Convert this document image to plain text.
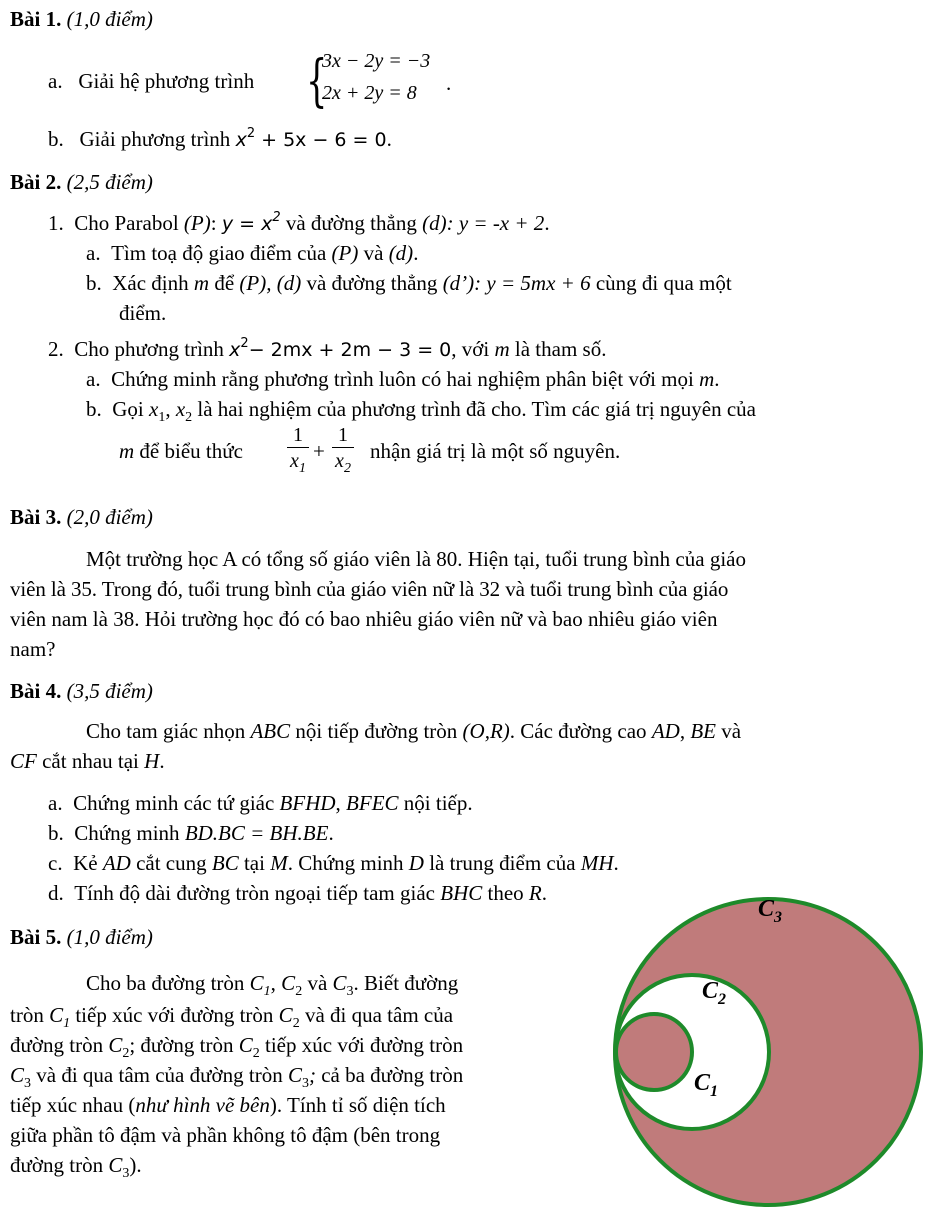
Bài 1. (1,0 điểm)
a. Giải hệ phương trình {
3x − 2y = −3
2x + 2y = 8 .
b. Giải phương trình $x^2 + 5x - 6 = 0$.
Bài 2. (2,5 điểm)
1. Cho Parabol (P): $y = x^2$ và đường thẳng (d): y = -x + 2.
a. Tìm toạ độ giao điểm của (P) và (d).
b. Xác định m để (P), (d) và đường thẳng (d’): y = 5mx + 6 cùng đi qua một
điểm.
2. Cho phương trình $x^2- 2mx + 2m - 3 = 0$, với m là tham số.
a. Chứng minh rằng phương trình luôn có hai nghiệm phân biệt với mọi m.
b. Gọi $x_1$, $x_2$ là hai nghiệm của phương trình đã cho. Tìm các giá trị nguyên của
m để biểu thức
1
$x_1$
+
1
$x_2$
nhận giá trị là một số nguyên.
Bài 3. (2,0 điểm)
Một trường học A có tổng số giáo viên là 80. Hiện tại, tuổi trung bình của giáo
viên là 35. Trong đó, tuổi trung bình của giáo viên nữ là 32 và tuổi trung bình của giáo
viên nam là 38. Hỏi trường học đó có bao nhiêu giáo viên nữ và bao nhiêu giáo viên
nam?
Bài 4. (3,5 điểm)
Cho tam giác nhọn ABC nội tiếp đường tròn (O,R). Các đường cao AD, BE và
CF cắt nhau tại H.
a. Chứng minh các tứ giác BFHD, BFEC nội tiếp.
b. Chứng minh BD.BC = BH.BE.
c. Kẻ AD cắt cung BC tại M. Chứng minh D là trung điểm của MH.
d. Tính độ dài đường tròn ngoại tiếp tam giác BHC theo R.
Bài 5. (1,0 điểm)
Cho ba đường tròn $C_1$, $C_2$ và $C_3$. Biết đường
tròn $C_1$ tiếp xúc với đường tròn $C_2$ và đi qua tâm của
đường tròn $C_2$; đường tròn $C_2$ tiếp xúc với đường tròn
$C_3$ và đi qua tâm của đường tròn $C_3$; cả ba đường tròn
tiếp xúc nhau (như hình vẽ bên). Tính tỉ số diện tích
giữa phần tô đậm và phần không tô đậm (bên trong
đường tròn $C_3$).
$C_3$
$C_2$
$C_1$
